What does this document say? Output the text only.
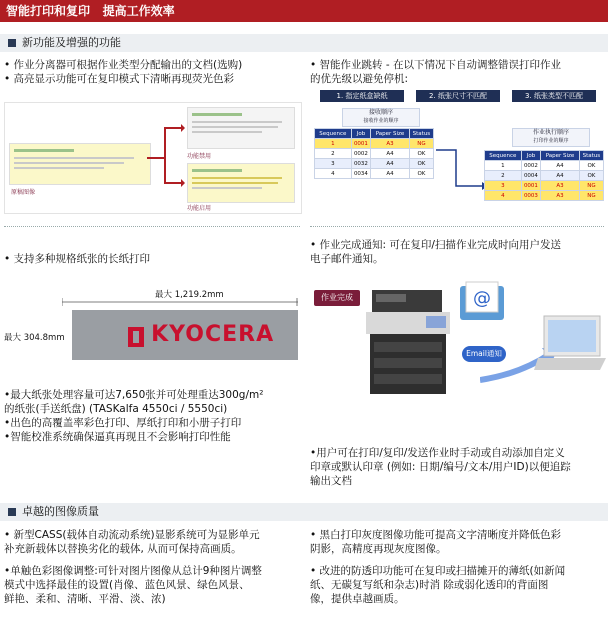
智能打印和复印 提高工作效率
新功能及增强的功能
• 作业分离器可根据作业类型分配输出的文档(选购)
• 高亮显示功能可在复印模式下清晰再现荧光色彩
原稿图像
功能禁用
功能启用
• 智能作业跳转 - 在以下情况下自动调整错误打印作业
的优先级以避免停机:
1. 指定纸盒缺纸	2. 纸张尺寸不匹配	3. 纸张类型不匹配
接收顺序
接收作业的顺序
Sequence	Job	Paper Size	Status
1	0001	A3	NG
2	0002	A4	OK
3	0032	A4	OK
4	0034	A4	OK
作业执行顺序
打印作业的顺序
Sequence	Job	Paper Size	Status
1	0002	A4	OK
2	0004	A4	OK
3	0001	A3	NG
4	0003	A3	NG
• 支持多种规格纸张的长纸打印
最大 1,219.2mm
最大 304.8mm	KYOCERA
• 作业完成通知: 可在复印/扫描作业完成时向用户发送
电子邮件通知。
作业完成
Email通知
@
•最大纸张处理容量可达7,650张并可处理重达300g/m²
的纸张(手送纸盘) (TASKalfa 4550ci / 5550ci)
•出色的高覆盖率彩色打印、厚纸打印和小册子打印
•智能校准系统确保逼真再现且不会影响打印性能
•用户可在打印/复印/发送作业时手动或自动添加自定义
印章或默认印章 (例如: 日期/编号/文本/用户ID)以便追踪
输出文档
卓越的图像质量
• 新型CASS(载体自动流动系统)显影系统可为显影单元
补充新载体以替换劣化的载体, 从而可保持高画质。
•单触色彩图像调整:可针对图片图像从总计9种图片调整
模式中选择最佳的设置(肖像、蓝色风景、绿色风景、
鲜艳、柔和、清晰、平滑、淡、浓)
• 黑白打印灰度图像功能可提高文字清晰度并降低色彩
阴影，高精度再现灰度图像。
• 改进的防透印功能可在复印或扫描摊开的薄纸(如新闻
纸、无碳复写纸和杂志)时消 除或弱化透印的背面图
像，提供卓越画质。
